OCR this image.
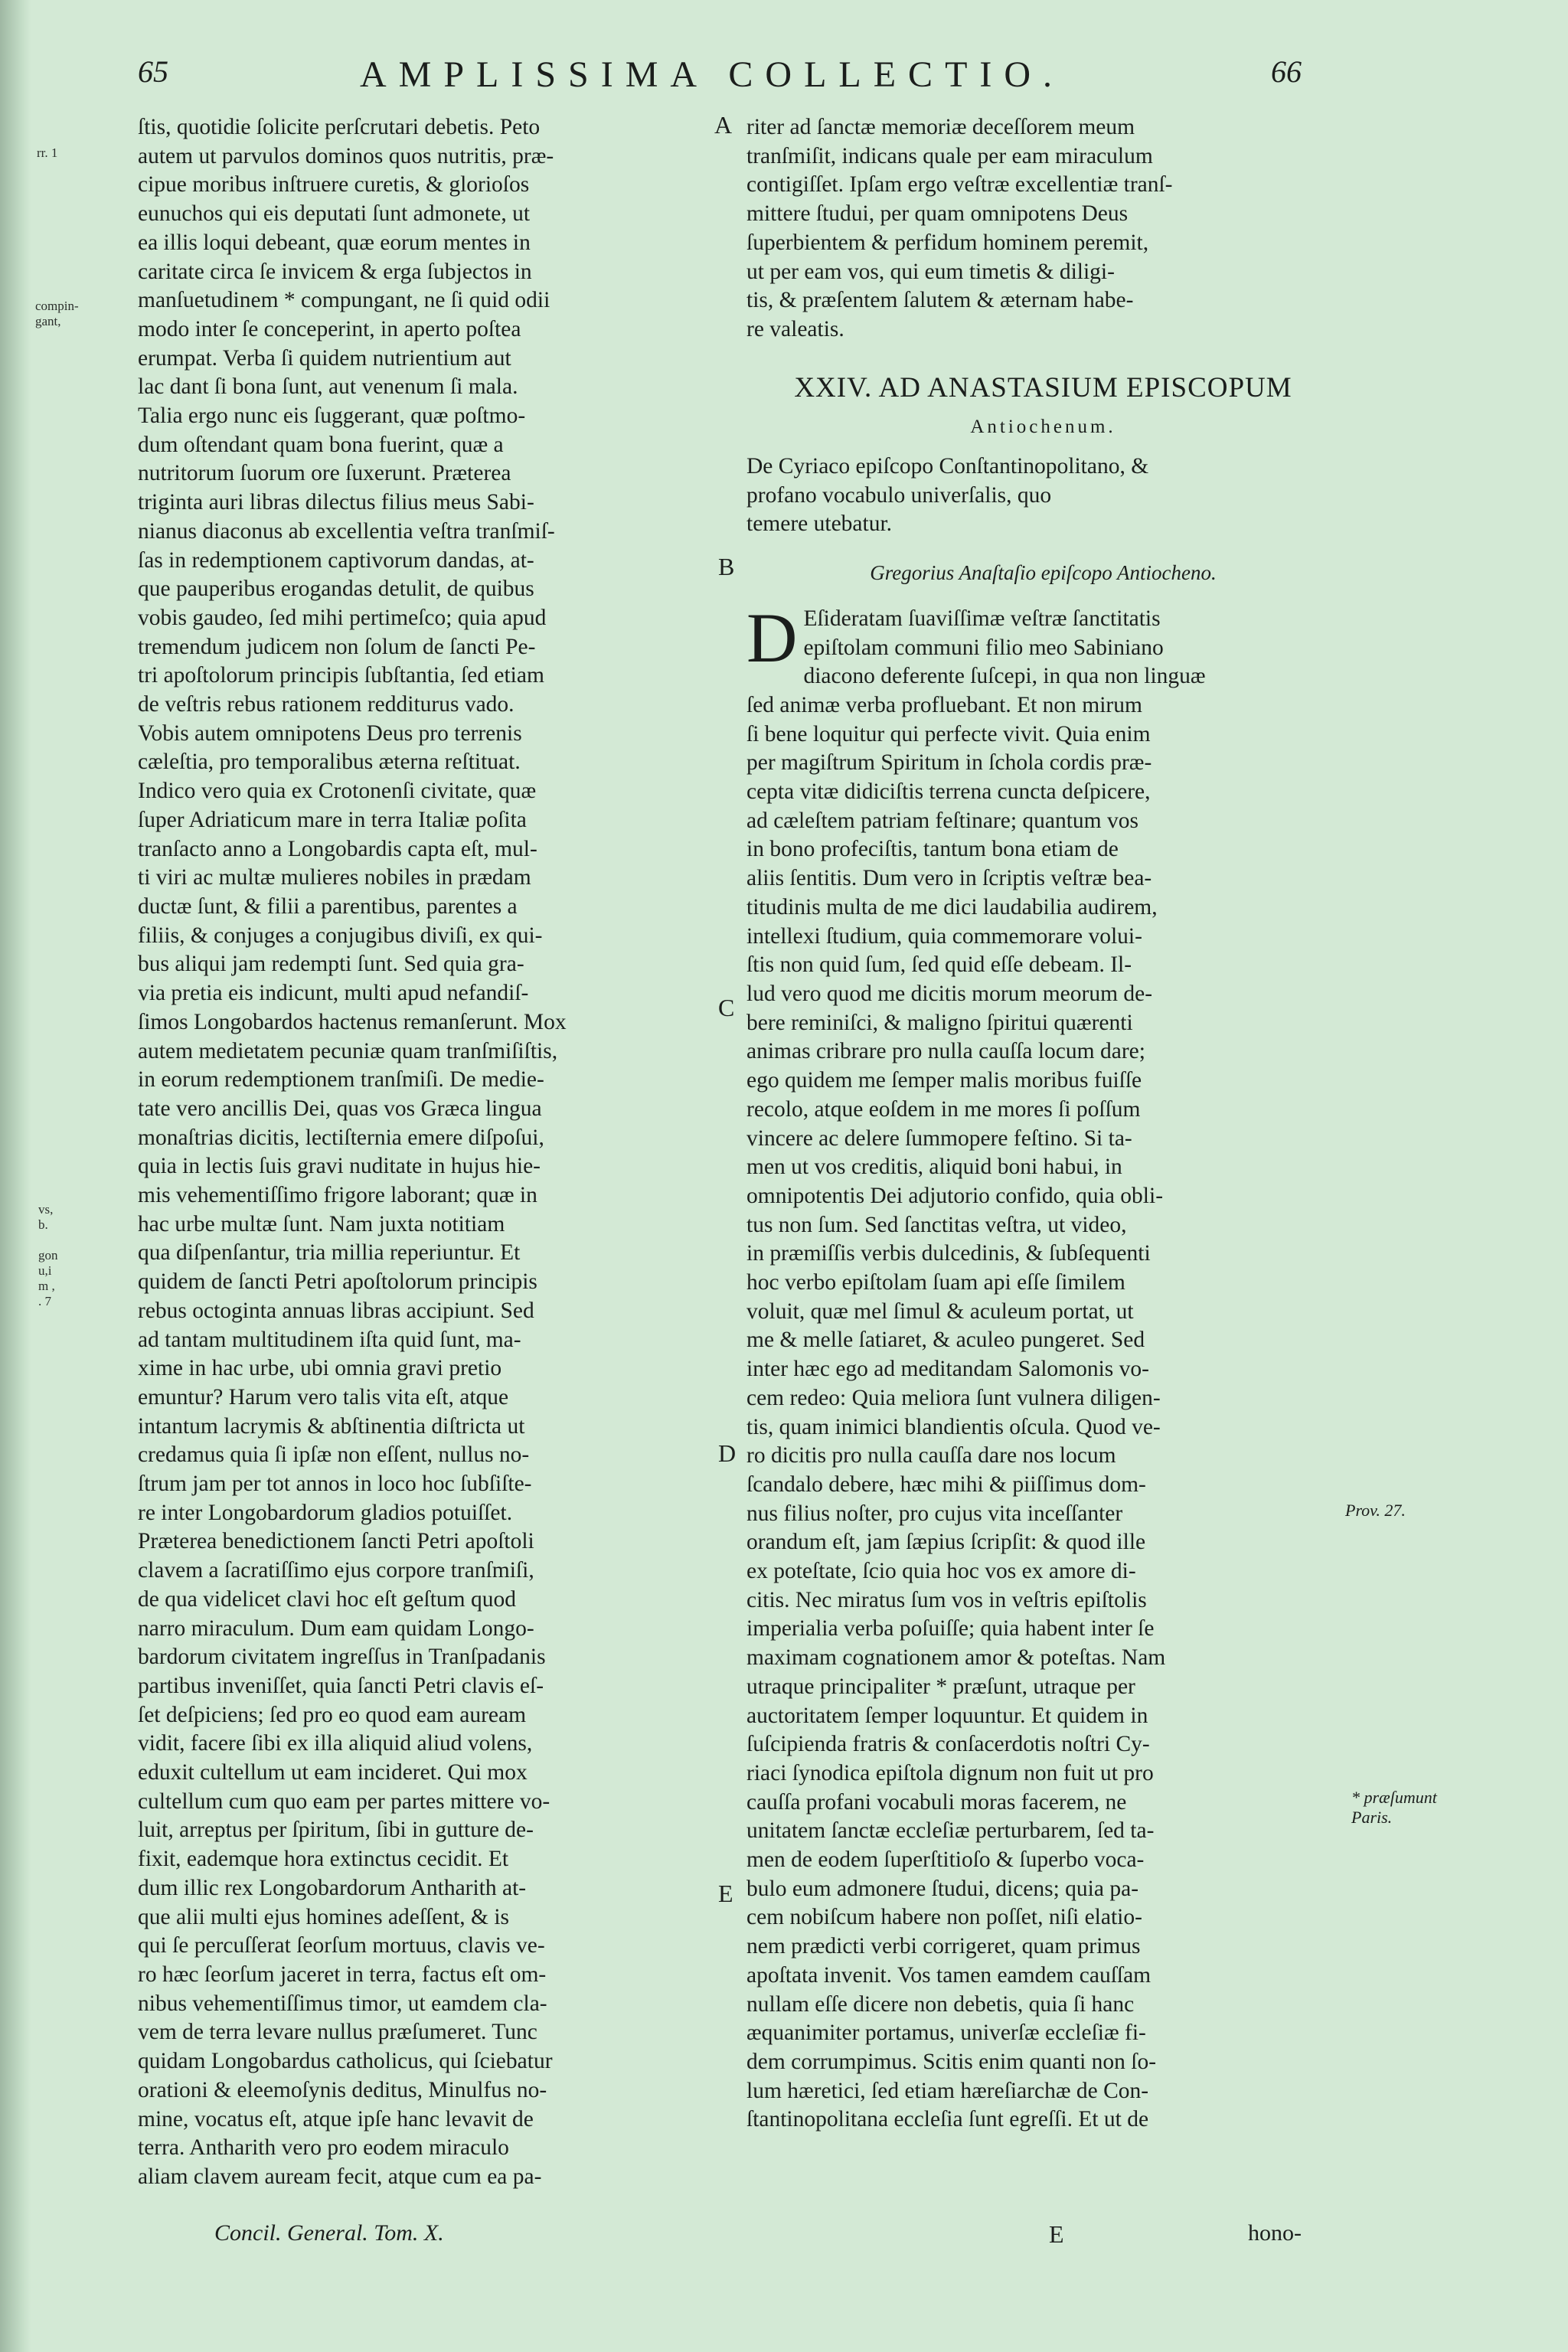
rr. 1
compin-
gant,
vs,
b.

gon
u,i
m ,
. 7
65	AMPLISSIMA COLLECTIO.	66
ſtis, quotidie ſolicite perſcrutari debetis. Peto
autem ut parvulos dominos quos nutritis, præ-
cipue moribus inſtruere curetis, & glorioſos
eunuchos qui eis deputati ſunt admonete, ut
ea illis loqui debeant, quæ eorum mentes in
caritate circa ſe invicem & erga ſubjectos in
manſuetudinem * compungant, ne ſi quid odii
modo inter ſe conceperint, in aperto poſtea
erumpat. Verba ſi quidem nutrientium aut
lac dant ſi bona ſunt, aut venenum ſi mala.
Talia ergo nunc eis ſuggerant, quæ poſtmo-
dum oſtendant quam bona fuerint, quæ a
nutritorum ſuorum ore ſuxerunt. Præterea
triginta auri libras dilectus filius meus Sabi-
nianus diaconus ab excellentia veſtra tranſmiſ-
ſas in redemptionem captivorum dandas, at-
que pauperibus erogandas detulit, de quibus
vobis gaudeo, ſed mihi pertimeſco; quia apud
tremendum judicem non ſolum de ſancti Pe-
tri apoſtolorum principis ſubſtantia, ſed etiam
de veſtris rebus rationem redditurus vado.
Vobis autem omnipotens Deus pro terrenis
cæleſtia, pro temporalibus æterna reſtituat.
Indico vero quia ex Crotonenſi civitate, quæ
ſuper Adriaticum mare in terra Italiæ poſita
tranſacto anno a Longobardis capta eſt, mul-
ti viri ac multæ mulieres nobiles in prædam
ductæ ſunt, & filii a parentibus, parentes a
filiis, & conjuges a conjugibus diviſi, ex qui-
bus aliqui jam redempti ſunt. Sed quia gra-
via pretia eis indicunt, multi apud nefandiſ-
ſimos Longobardos hactenus remanſerunt. Mox
autem medietatem pecuniæ quam tranſmiſiſtis,
in eorum redemptionem tranſmiſi. De medie-
tate vero ancillis Dei, quas vos Græca lingua
monaſtrias dicitis, lectiſternia emere diſpoſui,
quia in lectis ſuis gravi nuditate in hujus hie-
mis vehementiſſimo frigore laborant; quæ in
hac urbe multæ ſunt. Nam juxta notitiam
qua diſpenſantur, tria millia reperiuntur. Et
quidem de ſancti Petri apoſtolorum principis
rebus octoginta annuas libras accipiunt. Sed
ad tantam multitudinem iſta quid ſunt, ma-
xime in hac urbe, ubi omnia gravi pretio
emuntur? Harum vero talis vita eſt, atque
intantum lacrymis & abſtinentia diſtricta ut
credamus quia ſi ipſæ non eſſent, nullus no-
ſtrum jam per tot annos in loco hoc ſubſiſte-
re inter Longobardorum gladios potuiſſet.
Præterea benedictionem ſancti Petri apoſtoli
clavem a ſacratiſſimo ejus corpore tranſmiſi,
de qua videlicet clavi hoc eſt geſtum quod
narro miraculum. Dum eam quidam Longo-
bardorum civitatem ingreſſus in Tranſpadanis
partibus inveniſſet, quia ſancti Petri clavis eſ-
ſet deſpiciens; ſed pro eo quod eam auream
vidit, facere ſibi ex illa aliquid aliud volens,
eduxit cultellum ut eam incideret. Qui mox
cultellum cum quo eam per partes mittere vo-
luit, arreptus per ſpiritum, ſibi in gutture de-
fixit, eademque hora extinctus cecidit. Et
dum illic rex Longobardorum Antharith at-
que alii multi ejus homines adeſſent, & is
qui ſe percuſſerat ſeorſum mortuus, clavis ve-
ro hæc ſeorſum jaceret in terra, factus eſt om-
nibus vehementiſſimus timor, ut eamdem cla-
vem de terra levare nullus præſumeret. Tunc
quidam Longobardus catholicus, qui ſciebatur
orationi & eleemoſynis deditus, Minulfus no-
mine, vocatus eſt, atque ipſe hanc levavit de
terra. Antharith vero pro eodem miraculo
aliam clavem auream fecit, atque cum ea pa-
A
B
C
D
E
riter ad ſanctæ memoriæ deceſſorem meum
tranſmiſit, indicans quale per eam miraculum
contigiſſet. Ipſam ergo veſtræ excellentiæ tranſ-
mittere ſtudui, per quam omnipotens Deus
ſuperbientem & perfidum hominem peremit,
ut per eam vos, qui eum timetis & diligi-
tis, & præſentem ſalutem & æternam habe-
re valeatis.
XXIV. AD ANASTASIUM EPISCOPUM
Antiochenum.
De Cyriaco epiſcopo Conſtantinopolitano, &
profano vocabulo univerſalis, quo
temere utebatur.
Gregorius Anaſtaſio epiſcopo Antiocheno.
D Eſideratam ſuaviſſimæ veſtræ ſanctitatis
epiſtolam communi filio meo Sabiniano
diacono deferente ſuſcepi, in qua non linguæ
ſed animæ verba profluebant. Et non mirum
ſi bene loquitur qui perfecte vivit. Quia enim
per magiſtrum Spiritum in ſchola cordis præ-
cepta vitæ didiciſtis terrena cuncta deſpicere,
ad cæleſtem patriam feſtinare; quantum vos
in bono profeciſtis, tantum bona etiam de
aliis ſentitis. Dum vero in ſcriptis veſtræ bea-
titudinis multa de me dici laudabilia audirem,
intellexi ſtudium, quia commemorare volui-
ſtis non quid ſum, ſed quid eſſe debeam. Il-
lud vero quod me dicitis morum meorum de-
bere reminiſci, & maligno ſpiritui quærenti
animas cribrare pro nulla cauſſa locum dare;
ego quidem me ſemper malis moribus fuiſſe
recolo, atque eoſdem in me mores ſi poſſum
vincere ac delere ſummopere feſtino. Si ta-
men ut vos creditis, aliquid boni habui, in
omnipotentis Dei adjutorio confido, quia obli-
tus non ſum. Sed ſanctitas veſtra, ut video,
in præmiſſis verbis dulcedinis, & ſubſequenti
hoc verbo epiſtolam ſuam api eſſe ſimilem
voluit, quæ mel ſimul & aculeum portat, ut
me & melle ſatiaret, & aculeo pungeret. Sed
inter hæc ego ad meditandam Salomonis vo-
cem redeo: Quia meliora ſunt vulnera diligen-
tis, quam inimici blandientis oſcula. Quod ve-
ro dicitis pro nulla cauſſa dare nos locum
ſcandalo debere, hæc mihi & piiſſimus dom-
nus filius noſter, pro cujus vita inceſſanter
orandum eſt, jam ſæpius ſcripſit: & quod ille
ex poteſtate, ſcio quia hoc vos ex amore di-
citis. Nec miratus ſum vos in veſtris epiſtolis
imperialia verba poſuiſſe; quia habent inter ſe
maximam cognationem amor & poteſtas. Nam
utraque principaliter * præſunt, utraque per
auctoritatem ſemper loquuntur. Et quidem in
ſuſcipienda fratris & conſacerdotis noſtri Cy-
riaci ſynodica epiſtola dignum non fuit ut pro
cauſſa profani vocabuli moras facerem, ne
unitatem ſanctæ eccleſiæ perturbarem, ſed ta-
men de eodem ſuperſtitioſo & ſuperbo voca-
bulo eum admonere ſtudui, dicens; quia pa-
cem nobiſcum habere non poſſet, niſi elatio-
nem prædicti verbi corrigeret, quam primus
apoſtata invenit. Vos tamen eamdem cauſſam
nullam eſſe dicere non debetis, quia ſi hanc
æquanimiter portamus, univerſæ eccleſiæ fi-
dem corrumpimus. Scitis enim quanti non ſo-
lum hæretici, ſed etiam hæreſiarchæ de Con-
ſtantinopolitana eccleſia ſunt egreſſi. Et ut de
Prov. 27.
* præſumunt
Paris.
Concil. General. Tom. X.	E	hono-
